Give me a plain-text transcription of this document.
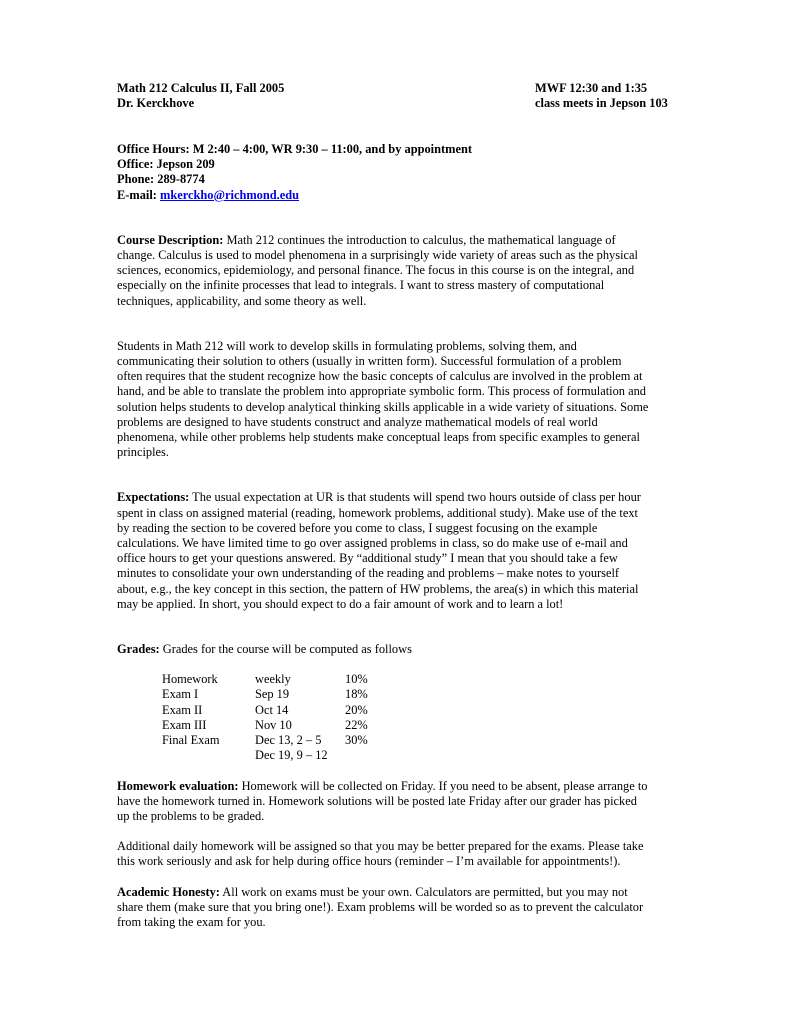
Math 212 Calculus II, Fall 2005
Dr. Kerckhove
MWF 12:30 and 1:35
class meets in Jepson 103
Office Hours: M 2:40 – 4:00, WR 9:30 – 11:00, and by appointment
Office: Jepson 209
Phone: 289-8774
E-mail: mkerckho@richmond.edu
Course Description: Math 212 continues the introduction to calculus, the mathematical language of
change. Calculus is used to model phenomena in a surprisingly wide variety of areas such as the physical
sciences, economics, epidemiology, and personal finance. The focus in this course is on the integral, and
especially on the infinite processes that lead to integrals. I want to stress mastery of computational
techniques, applicability, and some theory as well.
Students in Math 212 will work to develop skills in formulating problems, solving them, and
communicating their solution to others (usually in written form). Successful formulation of a problem
often requires that the student recognize how the basic concepts of calculus are involved in the problem at
hand, and be able to translate the problem into appropriate symbolic form. This process of formulation and
solution helps students to develop analytical thinking skills applicable in a wide variety of situations. Some
problems are designed to have students construct and analyze mathematical models of real world
phenomena, while other problems help students make conceptual leaps from specific examples to general
principles.
Expectations: The usual expectation at UR is that students will spend two hours outside of class per hour
spent in class on assigned material (reading, homework problems, additional study). Make use of the text
by reading the section to be covered before you come to class, I suggest focusing on the example
calculations. We have limited time to go over assigned problems in class, so do make use of e-mail and
office hours to get your questions answered. By “additional study” I mean that you should take a few
minutes to consolidate your own understanding of the reading and problems – make notes to yourself
about, e.g., the key concept in this section, the pattern of HW problems, the area(s) in which this material
may be applied. In short, you should expect to do a fair amount of work and to learn a lot!
Grades: Grades for the course will be computed as follows
Homework	weekly	10%
Exam I	Sep 19	18%
Exam II	Oct 14	20%
Exam III	Nov 10	22%
Final Exam	Dec 13, 2 – 5	30%
	Dec 19, 9 – 12	
Homework evaluation: Homework will be collected on Friday. If you need to be absent, please arrange to
have the homework turned in. Homework solutions will be posted late Friday after our grader has picked
up the problems to be graded.
Additional daily homework will be assigned so that you may be better prepared for the exams. Please take
this work seriously and ask for help during office hours (reminder – I’m available for appointments!).
Academic Honesty: All work on exams must be your own. Calculators are permitted, but you may not
share them (make sure that you bring one!). Exam problems will be worded so as to prevent the calculator
from taking the exam for you.
